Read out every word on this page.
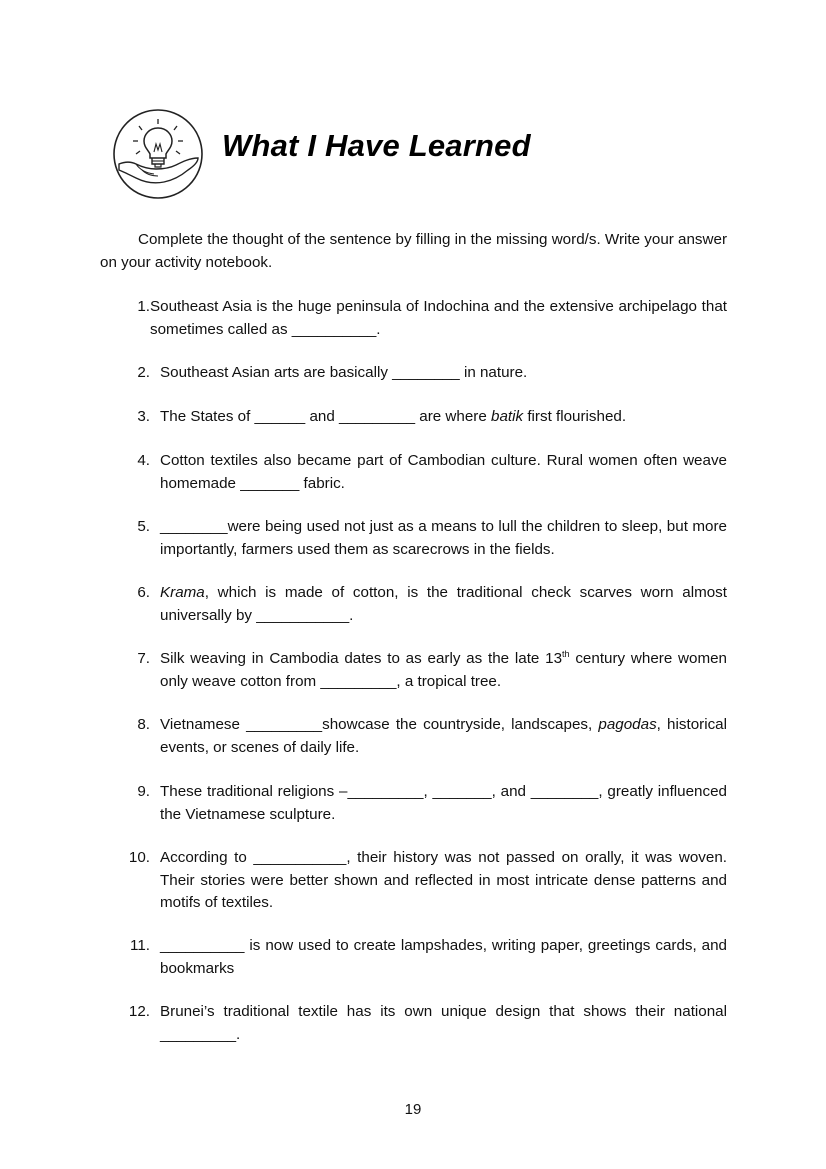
What I Have Learned

Complete the thought of the sentence by filling in the missing word/s. Write your answer on your activity notebook.

1. Southeast Asia is the huge peninsula of Indochina and the extensive archipelago that sometimes called as __________.
2. Southeast Asian arts are basically ________ in nature.
3. The States of ______ and _________ are where batik first flourished.
4. Cotton textiles also became part of Cambodian culture. Rural women often weave homemade _______ fabric.
5. ________were being used not just as a means to lull the children to sleep, but more importantly, farmers used them as scarecrows in the fields.
6. Krama, which is made of cotton, is the traditional check scarves worn almost universally by ___________.
7. Silk weaving in Cambodia dates to as early as the late 13th century where women only weave cotton from _________, a tropical tree.
8. Vietnamese _________showcase the countryside, landscapes, pagodas, historical events, or scenes of daily life.
9. These traditional religions –_________, _______, and ________, greatly influenced the Vietnamese sculpture.
10. According to ___________, their history was not passed on orally, it was woven. Their stories were better shown and reflected in most intricate dense patterns and motifs of textiles.
11. __________ is now used to create lampshades, writing paper, greetings cards, and bookmarks
12. Brunei’s traditional textile has its own unique design that shows their national _________.
19
